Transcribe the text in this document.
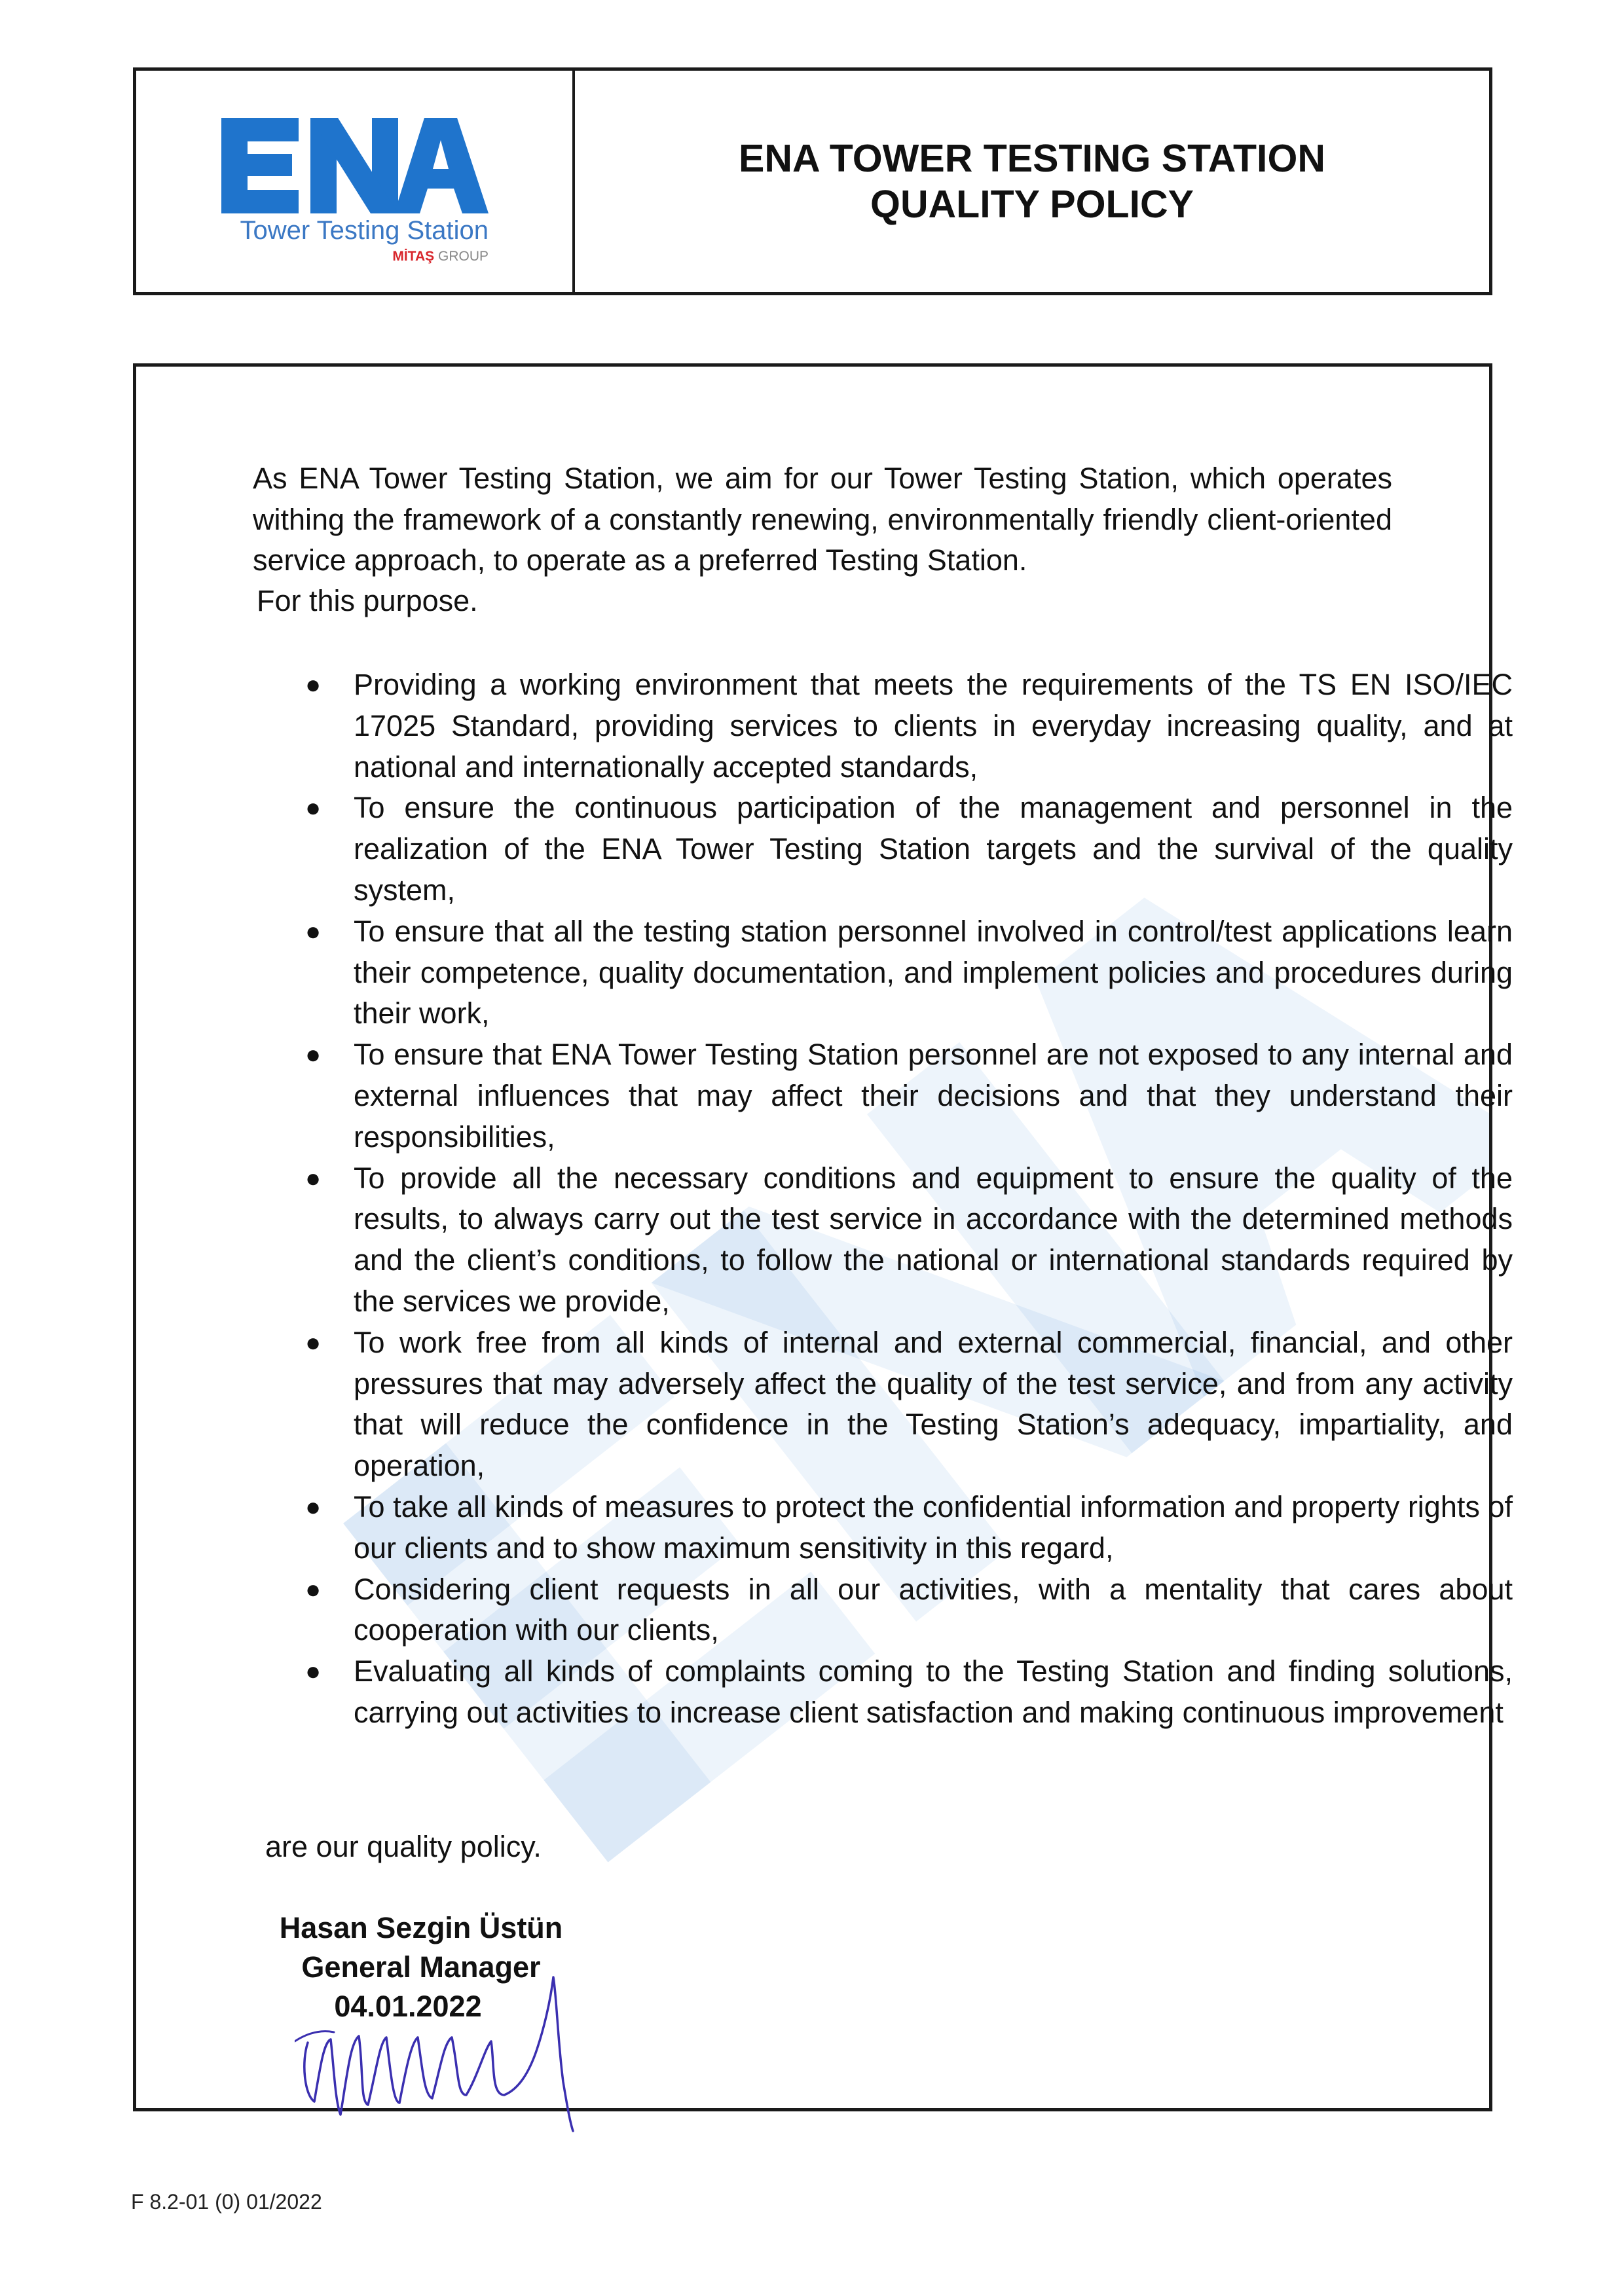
Tower Testing Station
MİTAŞ GROUP
ENA TOWER TESTING STATION
QUALITY POLICY
As ENA Tower Testing Station, we aim for our Tower Testing Station, which operates withing the framework of a constantly renewing, environmentally friendly client-oriented service approach, to operate as a preferred Testing Station.
For this purpose.
● Providing a working environment that meets the requirements of the TS EN ISO/IEC 17025 Standard, providing services to clients in everyday increasing quality, and at national and internationally accepted standards,
● To ensure the continuous participation of the management and personnel in the realization of the ENA Tower Testing Station targets and the survival of the quality system,
● To ensure that all the testing station personnel involved in control/test applications learn their competence, quality documentation, and implement policies and procedures during their work,
● To ensure that ENA Tower Testing Station personnel are not exposed to any internal and external influences that may affect their decisions and that they understand their responsibilities,
● To provide all the necessary conditions and equipment to ensure the quality of the results, to always carry out the test service in accordance with the determined methods and the client’s conditions, to follow the national or international standards required by the services we provide,
● To work free from all kinds of internal and external commercial, financial, and other pressures that may adversely affect the quality of the test service, and from any activity that will reduce the confidence in the Testing Station’s adequacy, impartiality, and operation,
● To take all kinds of measures to protect the confidential information and property rights of our clients and to show maximum sensitivity in this regard,
● Considering client requests in all our activities, with a mentality that cares about cooperation with our clients,
● Evaluating all kinds of complaints coming to the Testing Station and finding solutions, carrying out activities to increase client satisfaction and making continuous improvement
are our quality policy.
Hasan Sezgin Üstün
General Manager
04.01.2022
F 8.2-01 (0) 01/2022
